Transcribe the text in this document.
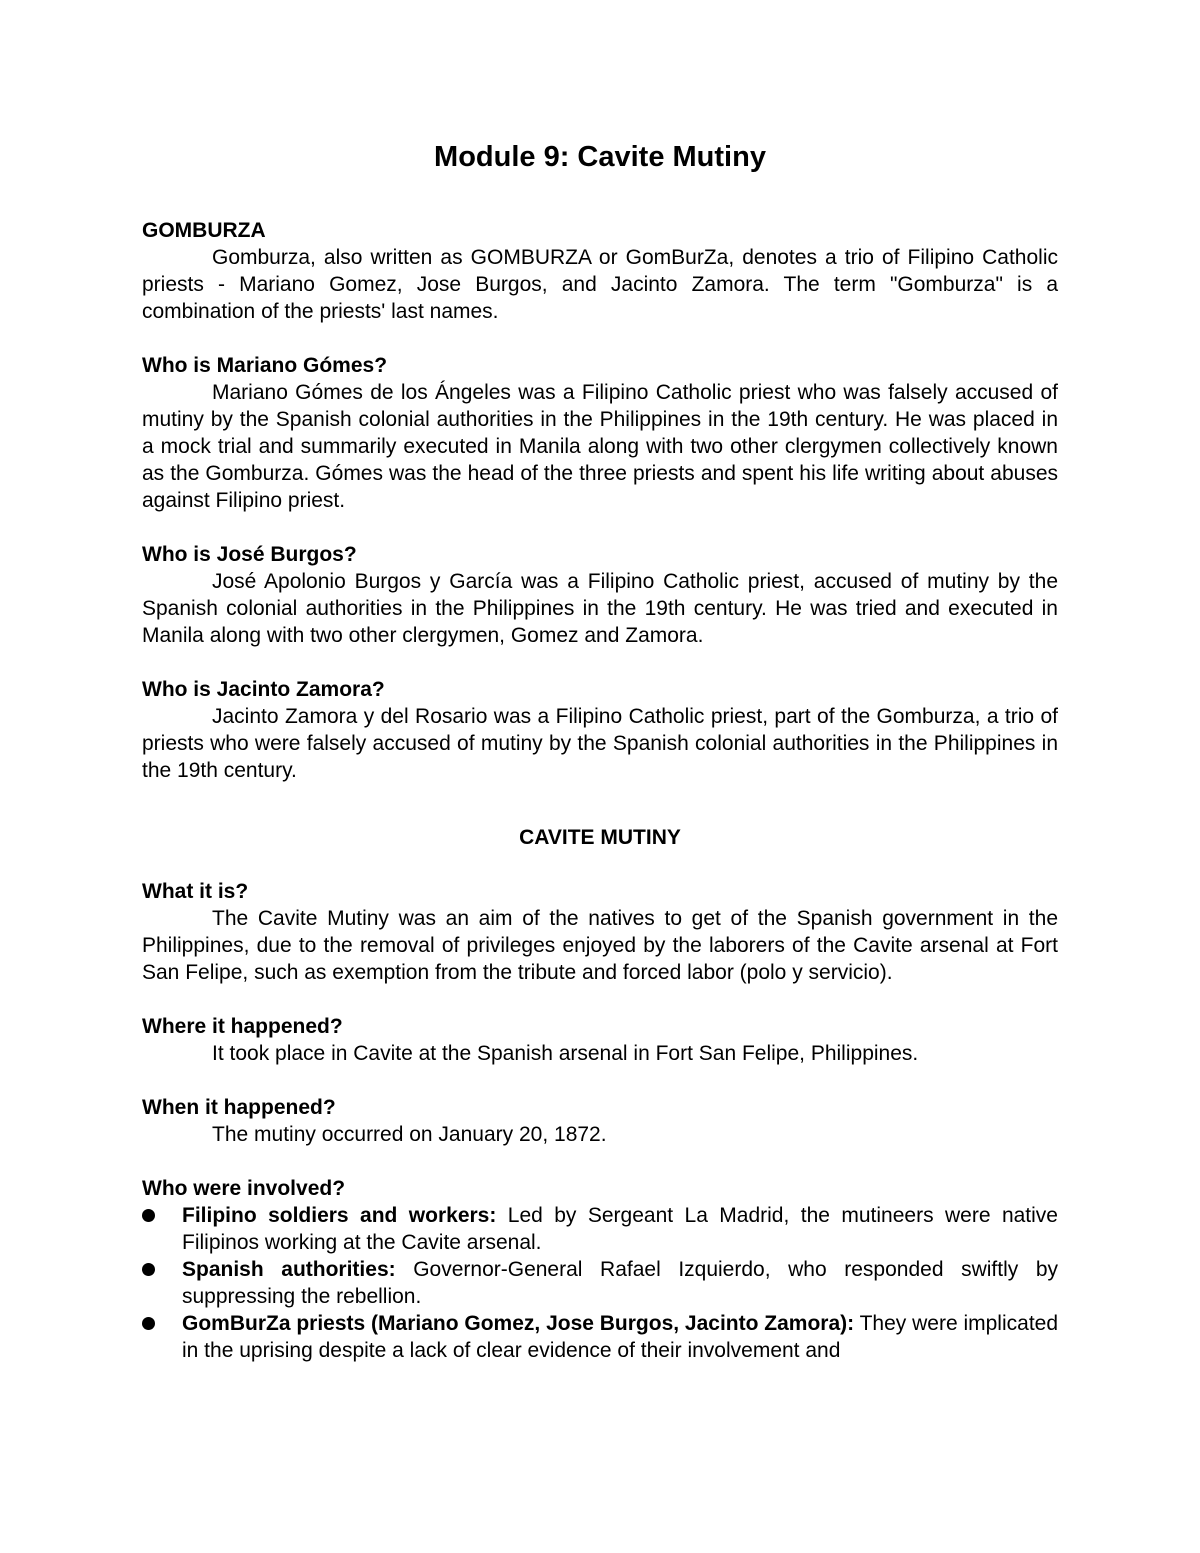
Module 9: Cavite Mutiny

GOMBURZA

Gomburza, also written as GOMBURZA or GomBurZa, denotes a trio of Filipino Catholic priests - Mariano Gomez, Jose Burgos, and Jacinto Zamora. The term "Gomburza" is a combination of the priests' last names.

Who is Mariano Gómes?

Mariano Gómes de los Ángeles was a Filipino Catholic priest who was falsely accused of mutiny by the Spanish colonial authorities in the Philippines in the 19th century. He was placed in a mock trial and summarily executed in Manila along with two other clergymen collectively known as the Gomburza. Gómes was the head of the three priests and spent his life writing about abuses against Filipino priest.

Who is José Burgos?

José Apolonio Burgos y García was a Filipino Catholic priest, accused of mutiny by the Spanish colonial authorities in the Philippines in the 19th century. He was tried and executed in Manila along with two other clergymen, Gomez and Zamora.

Who is Jacinto Zamora?

Jacinto Zamora y del Rosario was a Filipino Catholic priest, part of the Gomburza, a trio of priests who were falsely accused of mutiny by the Spanish colonial authorities in the Philippines in the 19th century.

CAVITE MUTINY

What it is?

The Cavite Mutiny was an aim of the natives to get of the Spanish government in the Philippines, due to the removal of privileges enjoyed by the laborers of the Cavite arsenal at Fort San Felipe, such as exemption from the tribute and forced labor (polo y servicio).

Where it happened?

It took place in Cavite at the Spanish arsenal in Fort San Felipe, Philippines.

When it happened?

The mutiny occurred on January 20, 1872.

Who were involved?

Filipino soldiers and workers: Led by Sergeant La Madrid, the mutineers were native Filipinos working at the Cavite arsenal.
Spanish authorities: Governor-General Rafael Izquierdo, who responded swiftly by suppressing the rebellion.
GomBurZa priests (Mariano Gomez, Jose Burgos, Jacinto Zamora): They were implicated in the uprising despite a lack of clear evidence of their involvement and
